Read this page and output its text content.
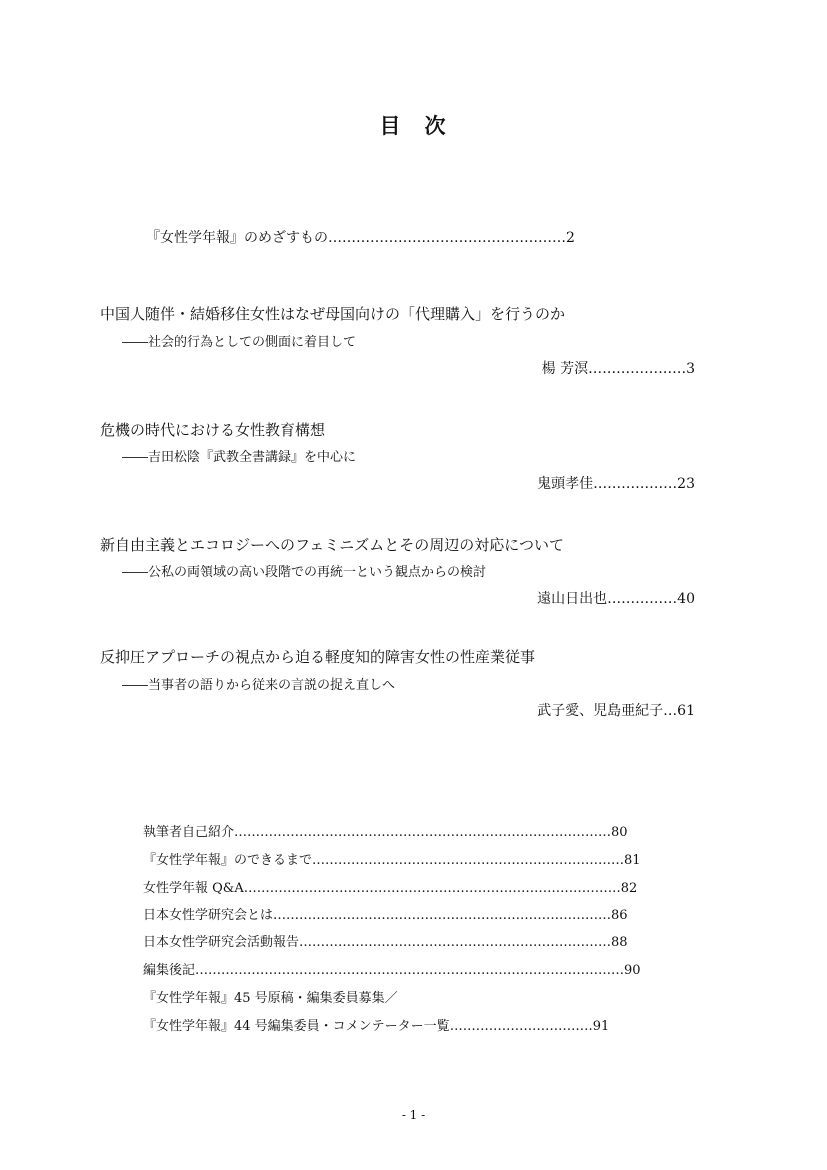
目 次
『女性学年報』のめざすもの……………………………………………2
中国人随伴・結婚移住女性はなぜ母国向けの「代理購入」を行うのか
――社会的行為としての側面に着目して
楊 芳溟…………………3
危機の時代における女性教育構想
――吉田松陰『武教全書講録』を中心に
鬼頭孝佳………………23
新自由主義とエコロジーへのフェミニズムとその周辺の対応について
――公私の両領域の高い段階での再統一という観点からの検討
遠山日出也……………40
反抑圧アプローチの視点から迫る軽度知的障害女性の性産業従事
――当事者の語りから従来の言説の捉え直しへ
武子愛、児島亜紀子…61
執筆者自己紹介……………………………………………………………………………80
『女性学年報』のできるまで………………………………………………………………81
女性学年報 Q&A……………………………………………………………………………82
日本女性学研究会とは……………………………………………………………………86
日本女性学研究会活動報告………………………………………………………………88
編集後記………………………………………………………………………………………90
『女性学年報』45 号原稿・編集委員募集／
『女性学年報』44 号編集委員・コメンテーター一覧……………………………91
- 1 -
